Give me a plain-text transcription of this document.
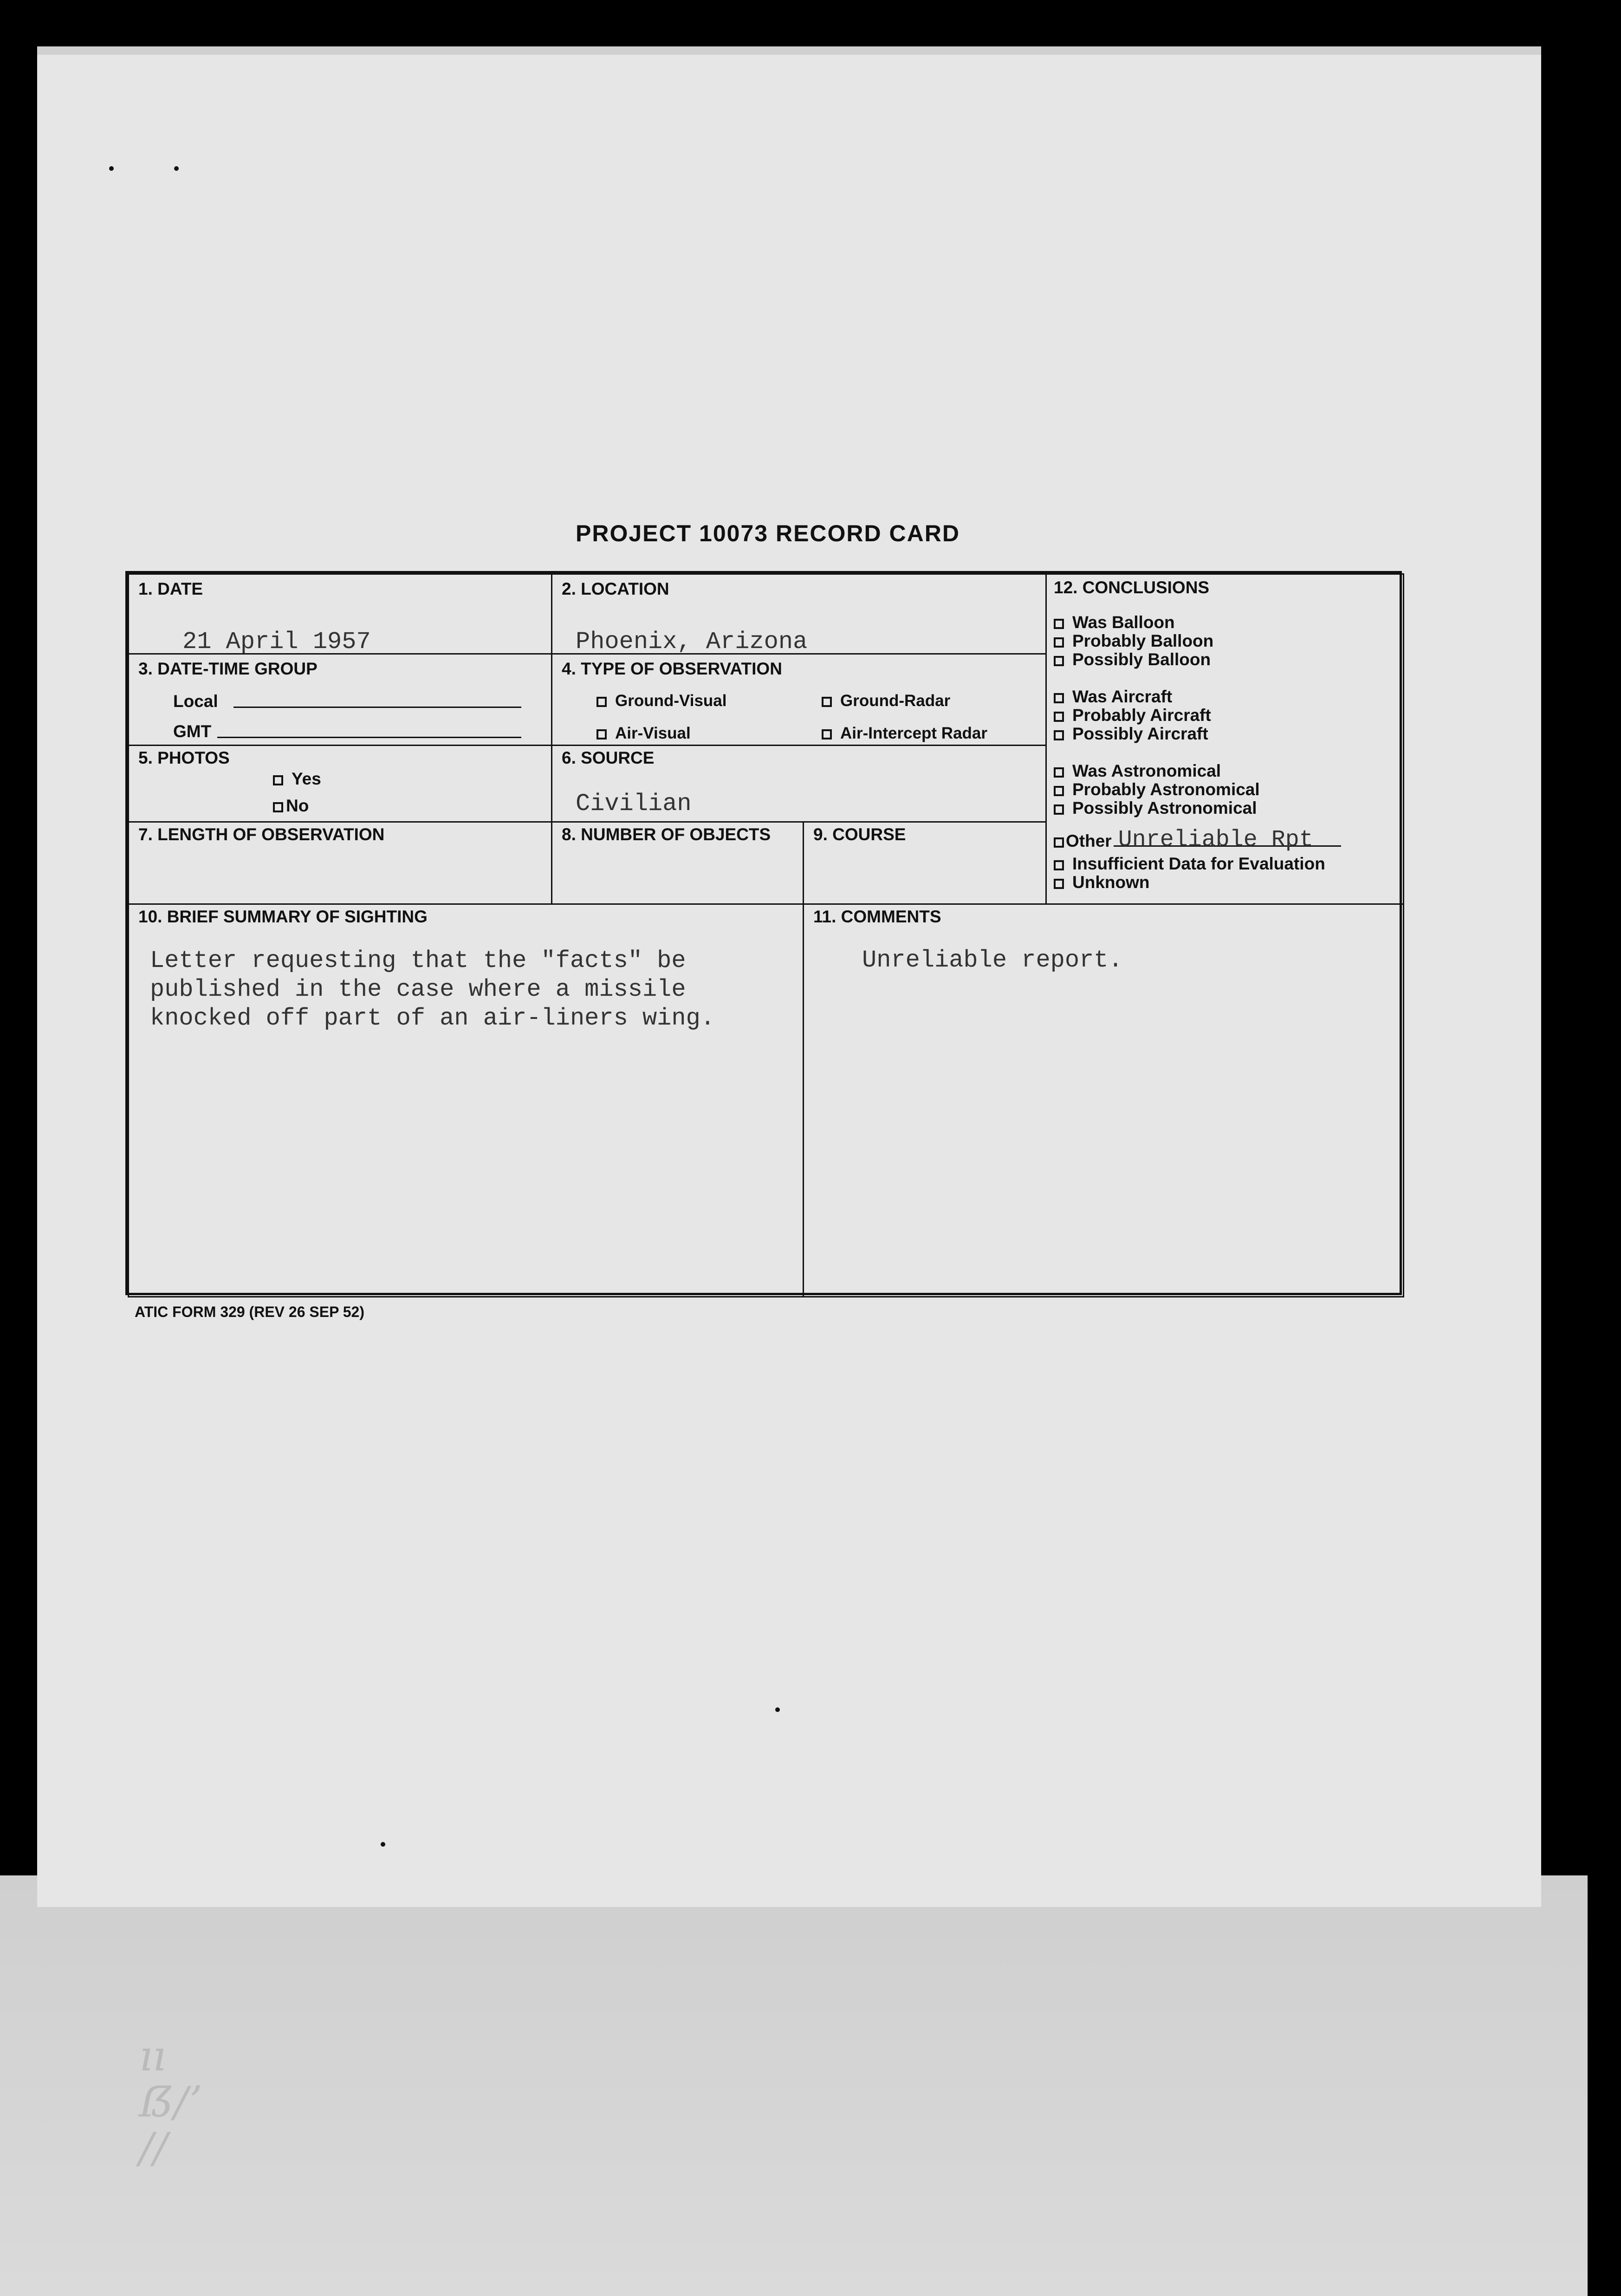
ıı
ẞ/ʼ
//
PROJECT 10073 RECORD CARD
1. DATE
21 April 1957
2. LOCATION
Phoenix, Arizona
3. DATE-TIME GROUP
Local
GMT
4. TYPE OF OBSERVATION
Ground-Visual	Ground-Radar
Air-Visual	Air-Intercept Radar
5. PHOTOS
Yes
No
6. SOURCE
Civilian
7. LENGTH OF OBSERVATION	8. NUMBER OF OBJECTS 9. COURSE
10. BRIEF SUMMARY OF SIGHTING
Letter requesting that the "facts" be published in the case where a missile knocked off part of an air-liners wing.
11. COMMENTS
Unreliable report.
12. CONCLUSIONS
Was Balloon
Probably Balloon
Possibly Balloon
Was Aircraft
Probably Aircraft
Possibly Aircraft
Was Astronomical
Probably Astronomical
Possibly Astronomical
Other Unreliable Rpt
Insufficient Data for Evaluation
Unknown
ATIC FORM 329 (REV 26 SEP 52)
